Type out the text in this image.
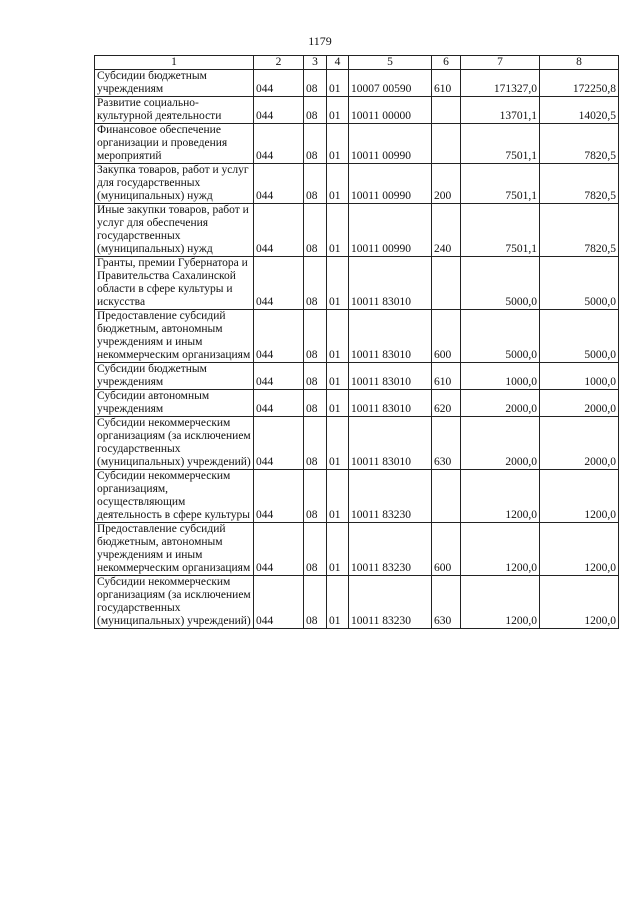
1179
1	2	3	4	5	6	7	8
Субсидии бюджетным учреждениям	044	08	01	10007 00590	610	171327,0	172250,8
Развитие социально-культурной деятельности	044	08	01	10011 00000		13701,1	14020,5
Финансовое обеспечение организации и проведения мероприятий	044	08	01	10011 00990		7501,1	7820,5
Закупка товаров, работ и услуг для государственных (муниципальных) нужд	044	08	01	10011 00990	200	7501,1	7820,5
Иные закупки товаров, работ и услуг для обеспечения государственных (муниципальных) нужд	044	08	01	10011 00990	240	7501,1	7820,5
Гранты, премии Губернатора и Правительства Сахалинской области в сфере культуры и искусства	044	08	01	10011 83010		5000,0	5000,0
Предоставление субсидий бюджетным, автономным учреждениям и иным некоммерческим организациям	044	08	01	10011 83010	600	5000,0	5000,0
Субсидии бюджетным учреждениям	044	08	01	10011 83010	610	1000,0	1000,0
Субсидии автономным учреждениям	044	08	01	10011 83010	620	2000,0	2000,0
Субсидии некоммерческим организациям (за исключением государственных (муниципальных) учреждений)	044	08	01	10011 83010	630	2000,0	2000,0
Субсидии некоммерческим организациям, осуществляющим деятельность в сфере культуры	044	08	01	10011 83230		1200,0	1200,0
Предоставление субсидий бюджетным, автономным учреждениям и иным некоммерческим организациям	044	08	01	10011 83230	600	1200,0	1200,0
Субсидии некоммерческим организациям (за исключением государственных (муниципальных) учреждений)	044	08	01	10011 83230	630	1200,0	1200,0
